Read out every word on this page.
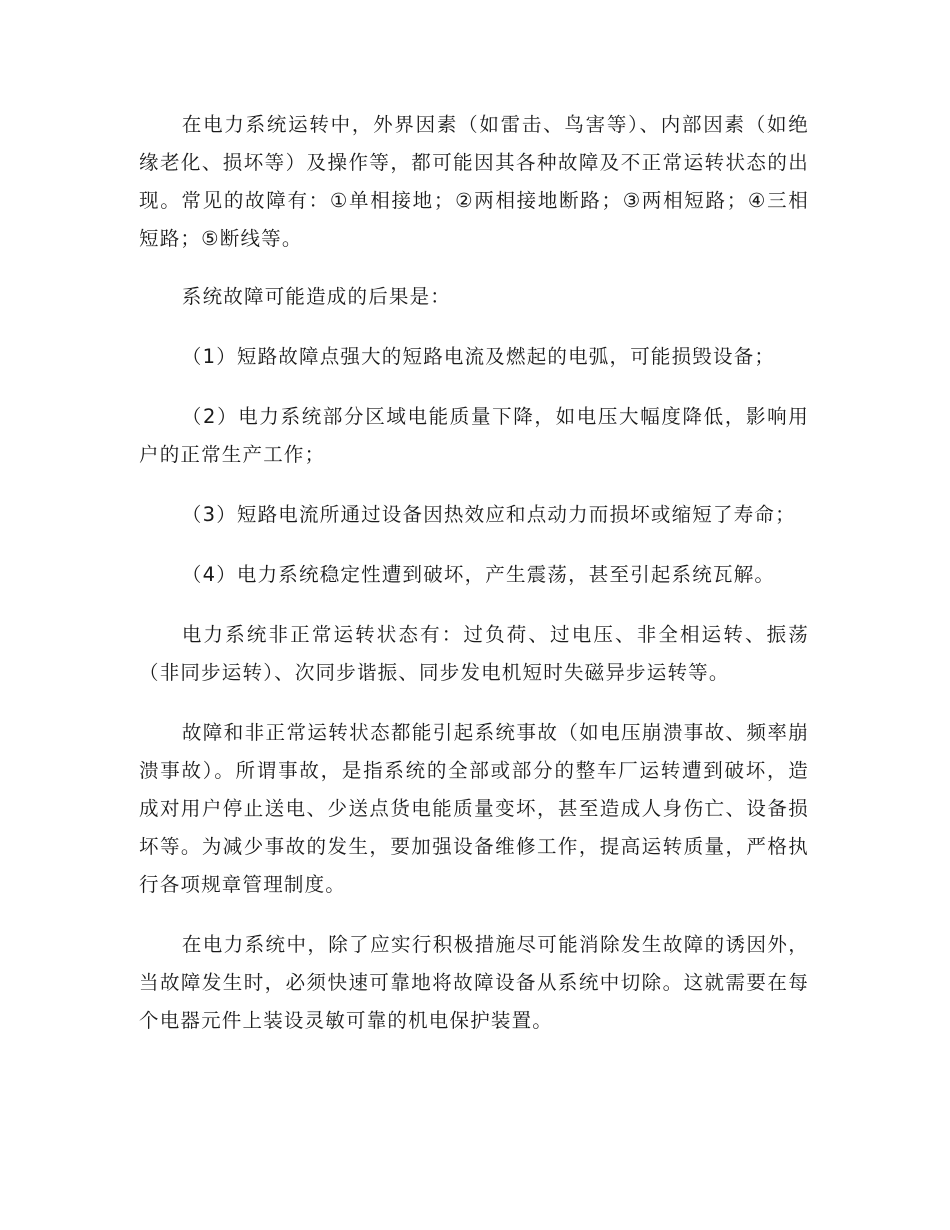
在电力系统运转中，外界因素（如雷击、鸟害等）、内部因素（如绝缘老化、损坏等）及操作等，都可能因其各种故障及不正常运转状态的出现。常见的故障有：①单相接地；②两相接地断路；③两相短路；④三相短路；⑤断线等。

系统故障可能造成的后果是：

（1）短路故障点强大的短路电流及燃起的电弧，可能损毁设备；

（2）电力系统部分区域电能质量下降，如电压大幅度降低，影响用户的正常生产工作；

（3）短路电流所通过设备因热效应和点动力而损坏或缩短了寿命；

（4）电力系统稳定性遭到破坏，产生震荡，甚至引起系统瓦解。

电力系统非正常运转状态有：过负荷、过电压、非全相运转、振荡（非同步运转）、次同步谐振、同步发电机短时失磁异步运转等。

故障和非正常运转状态都能引起系统事故（如电压崩溃事故、频率崩溃事故）。所谓事故，是指系统的全部或部分的整车厂运转遭到破坏，造成对用户停止送电、少送点货电能质量变坏，甚至造成人身伤亡、设备损坏等。为减少事故的发生，要加强设备维修工作，提高运转质量，严格执行各项规章管理制度。

在电力系统中，除了应实行积极措施尽可能消除发生故障的诱因外，当故障发生时，必须快速可靠地将故障设备从系统中切除。这就需要在每个电器元件上装设灵敏可靠的机电保护装置。
